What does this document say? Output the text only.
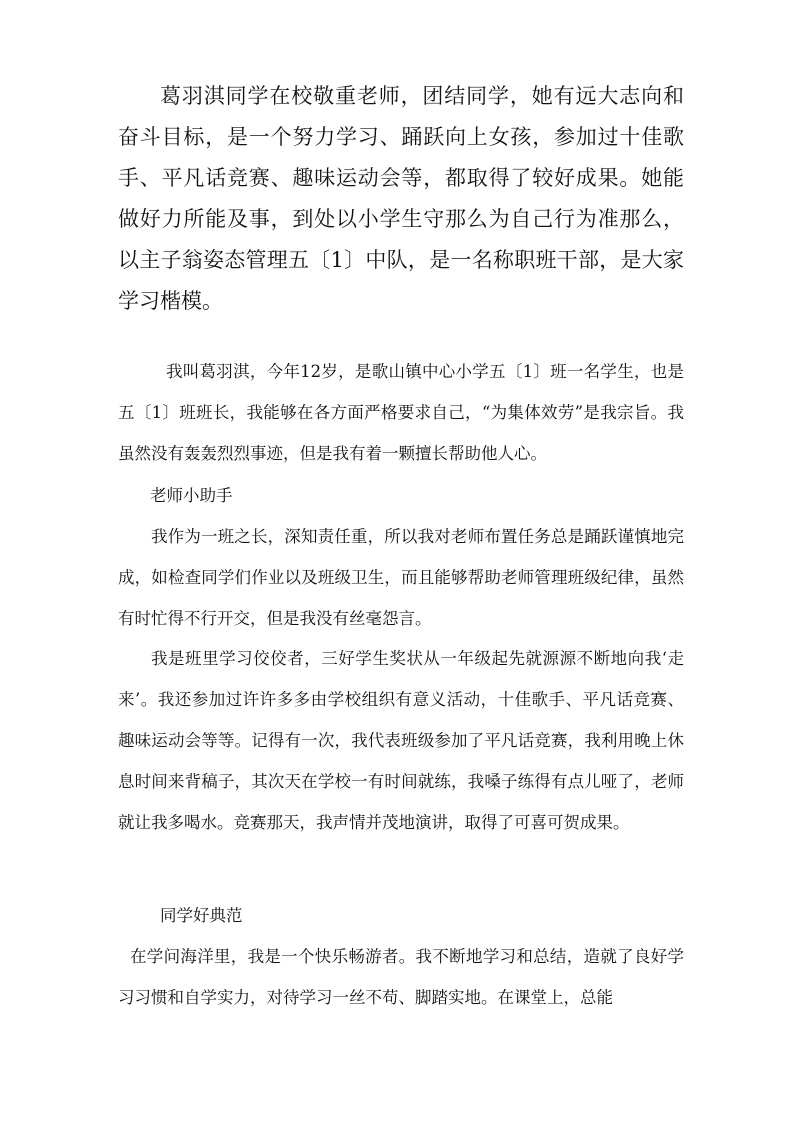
葛羽淇同学在校敬重老师，团结同学，她有远大志向和奋斗目标，是一个努力学习、踊跃向上女孩，参加过十佳歌手、平凡话竞赛、趣味运动会等，都取得了较好成果。她能做好力所能及事，到处以小学生守那么为自己行为准那么，以主子翁姿态管理五〔1〕中队，是一名称职班干部，是大家学习楷模。

我叫葛羽淇，今年12岁，是歌山镇中心小学五〔1〕班一名学生，也是五〔1〕班班长，我能够在各方面严格要求自己，“为集体效劳”是我宗旨。我虽然没有轰轰烈烈事迹，但是我有着一颗擅长帮助他人心。

老师小助手

我作为一班之长，深知责任重，所以我对老师布置任务总是踊跃谨慎地完成，如检查同学们作业以及班级卫生，而且能够帮助老师管理班级纪律，虽然有时忙得不行开交，但是我没有丝毫怨言。

我是班里学习佼佼者，三好学生奖状从一年级起先就源源不断地向我‘走来’。我还参加过许许多多由学校组织有意义活动，十佳歌手、平凡话竞赛、趣味运动会等等。记得有一次，我代表班级参加了平凡话竞赛，我利用晚上休息时间来背稿子，其次天在学校一有时间就练，我嗓子练得有点儿哑了，老师就让我多喝水。竞赛那天，我声情并茂地演讲，取得了可喜可贺成果。

同学好典范

在学问海洋里，我是一个快乐畅游者。我不断地学习和总结，造就了良好学习习惯和自学实力，对待学习一丝不苟、脚踏实地。在课堂上，总能
